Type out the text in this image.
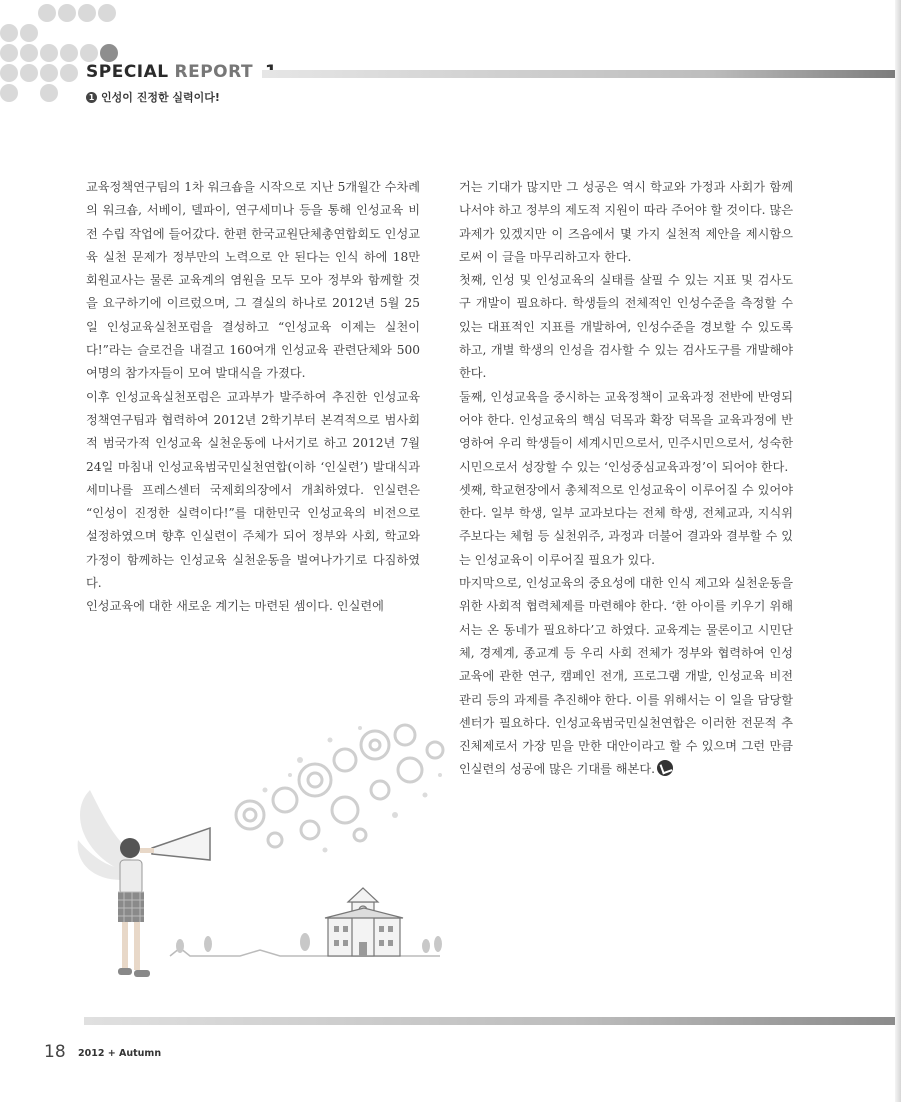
SPECIAL REPORT
1 인성이 진정한 실력이다!

교육정책연구팀의 1차 워크숍을 시작으로 지난 5개월간 수차례의 워크숍, 서베이, 델파이, 연구세미나 등을 통해 인성교육 비전 수립 작업에 들어갔다. 한편 한국교원단체총연합회도 인성교육 실천 문제가 정부만의 노력으로 안 된다는 인식 하에 18만 회원교사는 물론 교육계의 염원을 모두 모아 정부와 함께할 것을 요구하기에 이르렀으며, 그 결실의 하나로 2012년 5월 25일 인성교육실천포럼을 결성하고 “인성교육 이제는 실천이다!”라는 슬로건을 내걸고 160여개 인성교육 관련단체와 500여명의 참가자들이 모여 발대식을 가졌다.

이후 인성교육실천포럼은 교과부가 발주하여 추진한 인성교육정책연구팀과 협력하여 2012년 2학기부터 본격적으로 범사회적 범국가적 인성교육 실천운동에 나서기로 하고 2012년 7월 24일 마침내 인성교육범국민실천연합(이하 ‘인실련’) 발대식과 세미나를 프레스센터 국제회의장에서 개최하였다. 인실련은 “인성이 진정한 실력이다!”를 대한민국 인성교육의 비전으로 설정하였으며 향후 인실련이 주체가 되어 정부와 사회, 학교와 가정이 함께하는 인성교육 실천운동을 벌여나가기로 다짐하였다.

인성교육에 대한 새로운 계기는 마련된 셈이다. 인실련에

거는 기대가 많지만 그 성공은 역시 학교와 가정과 사회가 함께 나서야 하고 정부의 제도적 지원이 따라 주어야 할 것이다. 많은 과제가 있겠지만 이 즈음에서 몇 가지 실천적 제안을 제시함으로써 이 글을 마무리하고자 한다.

첫째, 인성 및 인성교육의 실태를 살필 수 있는 지표 및 검사도구 개발이 필요하다. 학생들의 전체적인 인성수준을 측정할 수 있는 대표적인 지표를 개발하여, 인성수준을 경보할 수 있도록 하고, 개별 학생의 인성을 검사할 수 있는 검사도구를 개발해야 한다.

둘째, 인성교육을 중시하는 교육정책이 교육과정 전반에 반영되어야 한다. 인성교육의 핵심 덕목과 확장 덕목을 교육과정에 반영하여 우리 학생들이 세계시민으로서, 민주시민으로서, 성숙한 시민으로서 성장할 수 있는 ‘인성중심교육과정’이 되어야 한다.

셋째, 학교현장에서 총체적으로 인성교육이 이루어질 수 있어야 한다. 일부 학생, 일부 교과보다는 전체 학생, 전체교과, 지식위주보다는 체험 등 실천위주, 과정과 더불어 결과와 결부할 수 있는 인성교육이 이루어질 필요가 있다.

마지막으로, 인성교육의 중요성에 대한 인식 제고와 실천운동을 위한 사회적 협력체제를 마련해야 한다. ‘한 아이를 키우기 위해서는 온 동네가 필요하다’고 하였다. 교육계는 물론이고 시민단체, 경제계, 종교계 등 우리 사회 전체가 정부와 협력하여 인성교육에 관한 연구, 캠페인 전개, 프로그램 개발, 인성교육 비전관리 등의 과제를 추진해야 한다. 이를 위해서는 이 일을 담당할 센터가 필요하다. 인성교육범국민실천연합은 이러한 전문적 추진체제로서 가장 믿을 만한 대안이라고 할 수 있으며 그런 만큼 인실련의 성공에 많은 기대를 해본다.

18 2012 + Autumn
